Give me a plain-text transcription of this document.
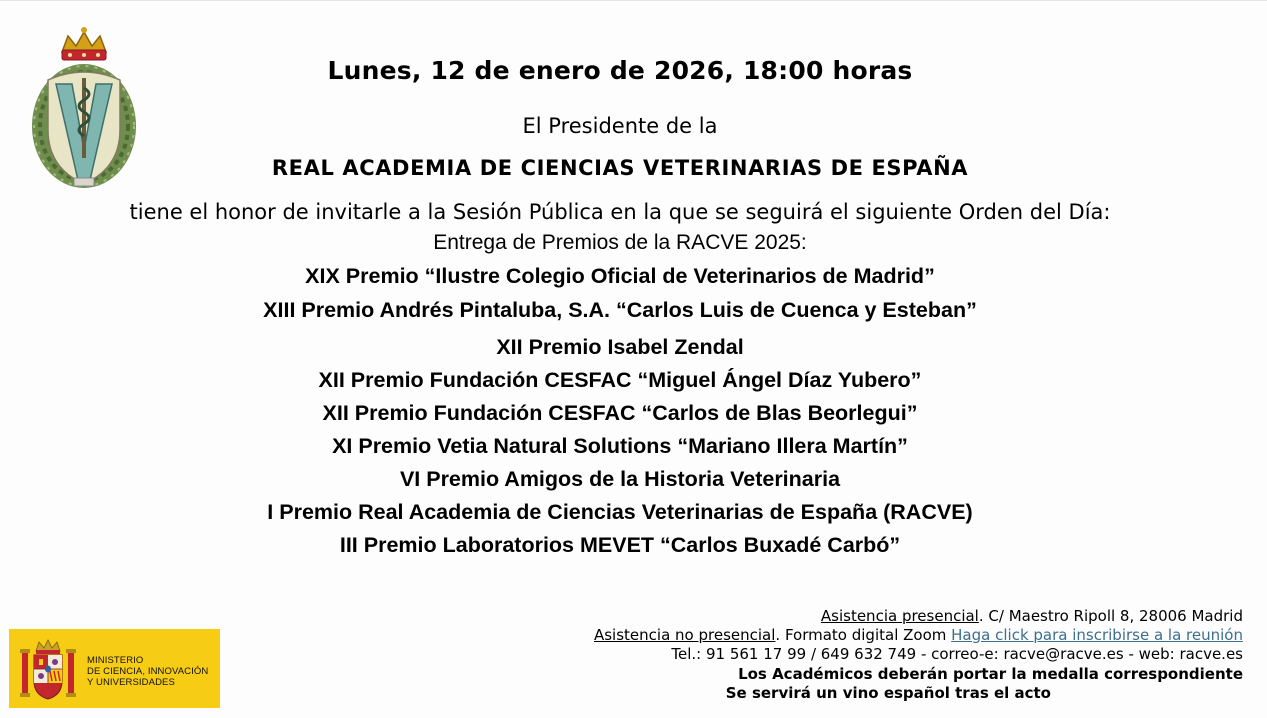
Lunes, 12 de enero de 2026, 18:00 horas
El Presidente de la
REAL ACADEMIA DE CIENCIAS VETERINARIAS DE ESPAÑA
tiene el honor de invitarle a la Sesión Pública en la que se seguirá el siguiente Orden del Día:
Entrega de Premios de la RACVE 2025:
XIX Premio “Ilustre Colegio Oficial de Veterinarios de Madrid”
XIII Premio Andrés Pintaluba, S.A. “Carlos Luis de Cuenca y Esteban”
XII Premio Isabel Zendal
XII Premio Fundación CESFAC “Miguel Ángel Díaz Yubero”
XII Premio Fundación CESFAC “Carlos de Blas Beorlegui”
XI Premio Vetia Natural Solutions “Mariano Illera Martín”
VI Premio Amigos de la Historia Veterinaria
I Premio Real Academia de Ciencias Veterinarias de España (RACVE)
III Premio Laboratorios MEVET “Carlos Buxadé Carbó”
Asistencia presencial. C/ Maestro Ripoll 8, 28006 Madrid
Asistencia no presencial. Formato digital Zoom Haga click para inscribirse a la reunión
Tel.: 91 561 17 99 / 649 632 749 - correo-e: racve@racve.es - web: racve.es
Los Académicos deberán portar la medalla correspondiente
Se servirá un vino español tras el acto
MINISTERIO
DE CIENCIA, INNOVACIÓN
Y UNIVERSIDADES
